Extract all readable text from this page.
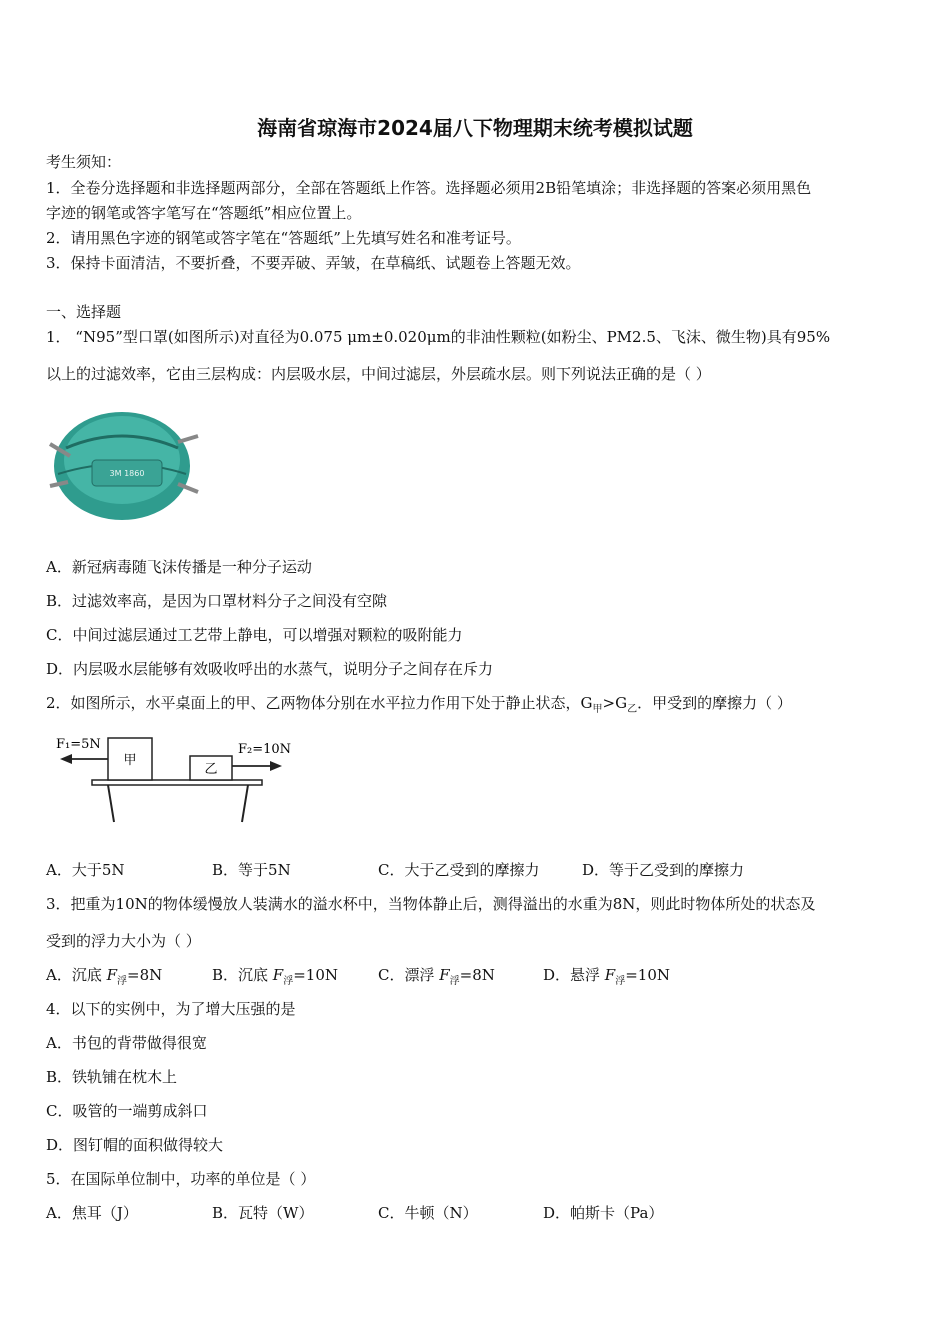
海南省琼海市2024届八下物理期末统考模拟试题
考生须知：
1．全卷分选择题和非选择题两部分，全部在答题纸上作答。选择题必须用2B铅笔填涂；非选择题的答案必须用黑色
字迹的钢笔或答字笔写在“答题纸”相应位置上。
2．请用黑色字迹的钢笔或答字笔在“答题纸”上先填写姓名和准考证号。
3．保持卡面清洁，不要折叠，不要弄破、弄皱，在草稿纸、试题卷上答题无效。
一、选择题
1． “N95”型口罩(如图所示)对直径为0.075 μm±0.020μm的非油性颗粒(如粉尘、PM2.5、飞沫、微生物)具有95%
以上的过滤效率，它由三层构成：内层吸水层，中间过滤层，外层疏水层。则下列说法正确的是（ ）
3M 1860
A．新冠病毒随飞沫传播是一种分子运动
B．过滤效率高，是因为口罩材料分子之间没有空隙
C．中间过滤层通过工艺带上静电，可以增强对颗粒的吸附能力
D．内层吸水层能够有效吸收呼出的水蒸气，说明分子之间存在斥力
2．如图所示，水平桌面上的甲、乙两物体分别在水平拉力作用下处于静止状态，$G_甲>G_乙$．甲受到的摩擦力（ ）
甲
乙
F₁=5N	F₂=10N
A．大于5N	B．等于5N	C．大于乙受到的摩擦力	D．等于乙受到的摩擦力
3．把重为10N的物体缓慢放人装满水的溢水杯中，当物体静止后，测得溢出的水重为8N，则此时物体所处的状态及
受到的浮力大小为（ ）
A．沉底 $F_浮=8N$	B．沉底 $F_浮=10N$	C．漂浮 $F_浮=8N$	D．悬浮 $F_浮=10N$
4．以下的实例中，为了增大压强的是
A．书包的背带做得很宽
B．铁轨铺在枕木上
C．吸管的一端剪成斜口
D．图钉帽的面积做得较大
5．在国际单位制中，功率的单位是（ ）
A．焦耳（J）	B．瓦特（W）	C．牛顿（N）	D．帕斯卡（Pa）
